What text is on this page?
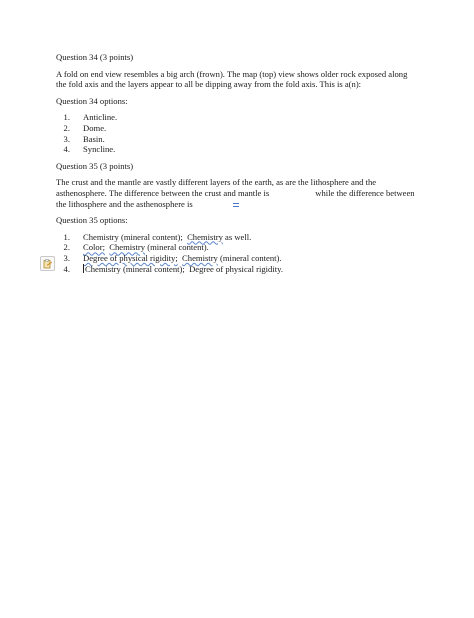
Question 34 (3 points)

A fold on end view resembles a big arch (frown). The map (top) view shows older rock exposed along the fold axis and the layers appear to all be dipping away from the fold axis. This is a(n):

Question 34 options:

1. Anticline.
2. Dome.
3. Basin.
4. Syncline.

Question 35 (3 points)

The crust and the mantle are vastly different layers of the earth, as are the lithosphere and the asthenosphere. The difference between the crust and mantle is	while the difference between the lithosphere and the asthenosphere is

Question 35 options:

1. Chemistry (mineral content); Chemistry as well.
2. Color; Chemistry (mineral content).
3. Degree of physical rigidity; Chemistry (mineral content).
4. Chemistry (mineral content); Degree of physical rigidity.
